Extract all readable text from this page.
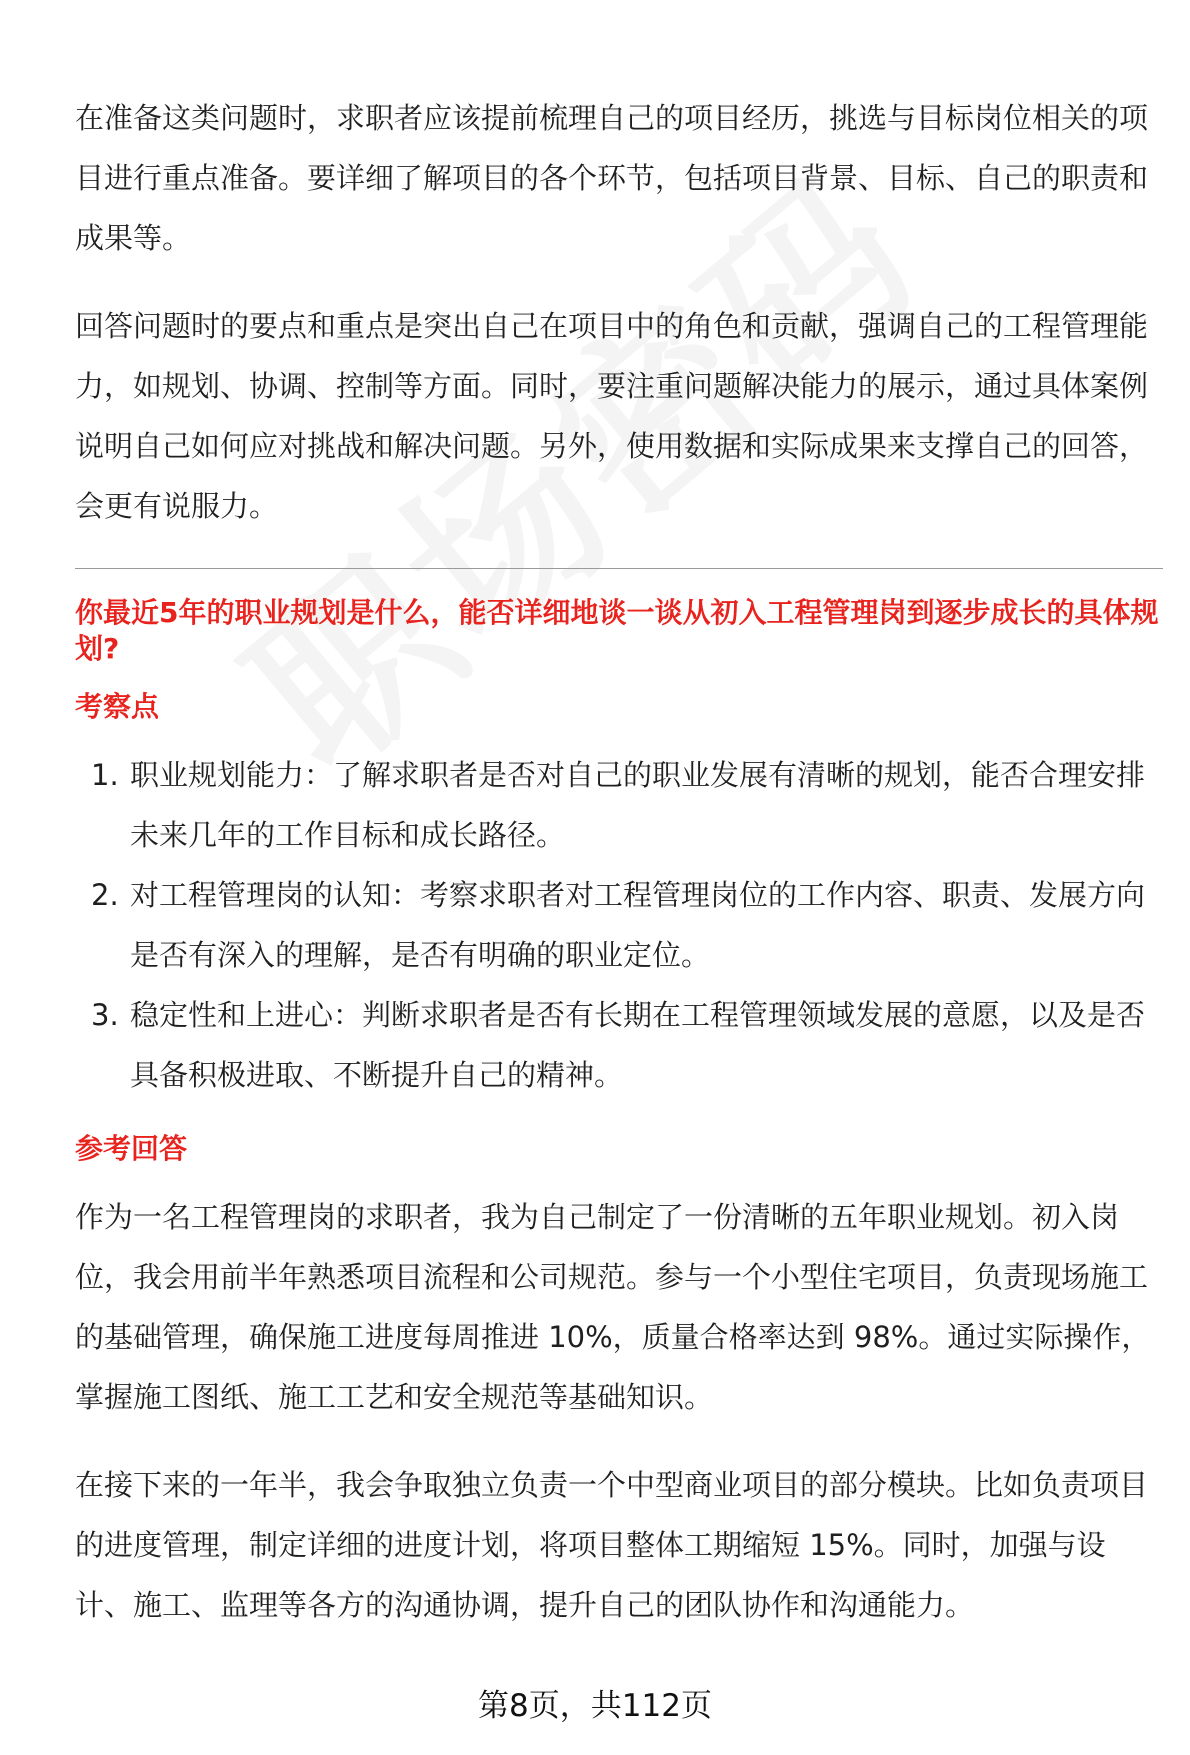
在准备这类问题时，求职者应该提前梳理自己的项目经历，挑选与目标岗位相关的项目进行重点准备。要详细了解项目的各个环节，包括项目背景、目标、自己的职责和成果等。

回答问题时的要点和重点是突出自己在项目中的角色和贡献，强调自己的工程管理能力，如规划、协调、控制等方面。同时，要注重问题解决能力的展示，通过具体案例说明自己如何应对挑战和解决问题。另外，使用数据和实际成果来支撑自己的回答，会更有说服力。

你最近5年的职业规划是什么，能否详细地谈一谈从初入工程管理岗到逐步成长的具体规划?
考察点
1. 职业规划能力：了解求职者是否对自己的职业发展有清晰的规划，能否合理安排未来几年的工作目标和成长路径。
2. 对工程管理岗的认知：考察求职者对工程管理岗位的工作内容、职责、发展方向是否有深入的理解，是否有明确的职业定位。
3. 稳定性和上进心：判断求职者是否有长期在工程管理领域发展的意愿，以及是否具备积极进取、不断提升自己的精神。
参考回答

作为一名工程管理岗的求职者，我为自己制定了一份清晰的五年职业规划。初入岗位，我会用前半年熟悉项目流程和公司规范。参与一个小型住宅项目，负责现场施工的基础管理，确保施工进度每周推进 10%，质量合格率达到 98%。通过实际操作，掌握施工图纸、施工工艺和安全规范等基础知识。

在接下来的一年半，我会争取独立负责一个中型商业项目的部分模块。比如负责项目的进度管理，制定详细的进度计划，将项目整体工期缩短 15%。同时，加强与设计、施工、监理等各方的沟通协调，提升自己的团队协作和沟通能力。

第8页，共112页
